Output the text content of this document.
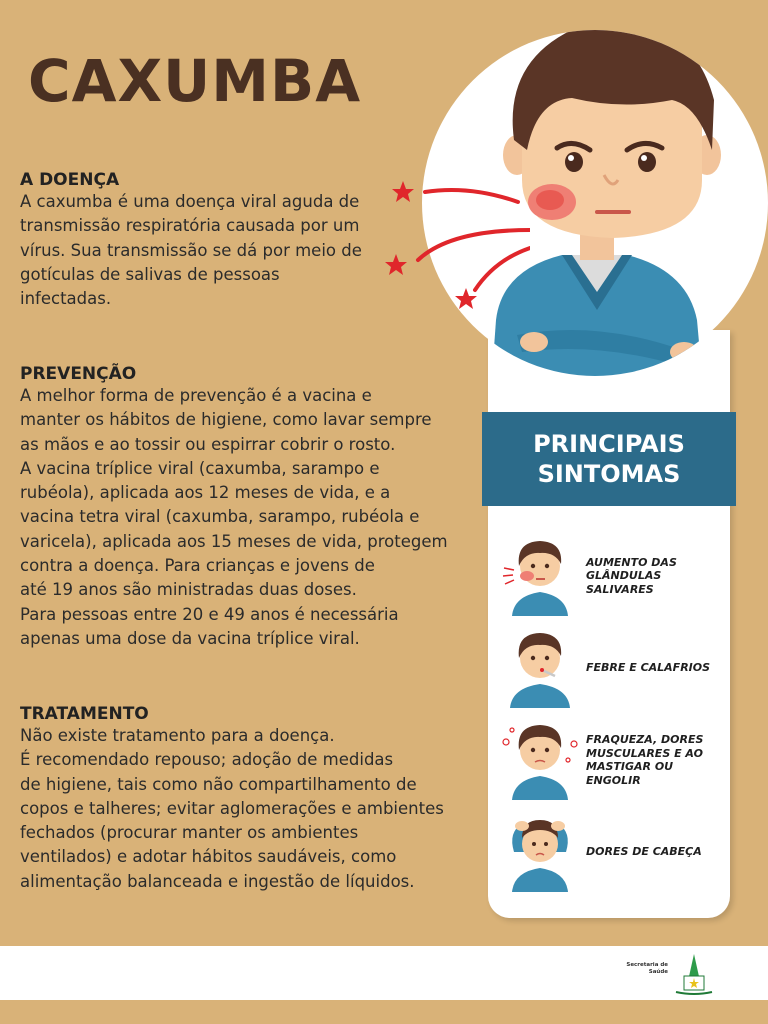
CAXUMBA
A DOENÇA

A caxumba é uma doença viral aguda de
transmissão respiratória causada por um
vírus. Sua transmissão se dá por meio de
gotículas de salivas de pessoas
infectadas.

PREVENÇÃO

A melhor forma de prevenção é a vacina e
manter os hábitos de higiene, como lavar sempre
as mãos e ao tossir ou espirrar cobrir o rosto.
A vacina tríplice viral (caxumba, sarampo e
rubéola), aplicada aos 12 meses de vida, e a
vacina tetra viral (caxumba, sarampo, rubéola e
varicela), aplicada aos 15 meses de vida, protegem
contra a doença. Para crianças e jovens de
até 19 anos são ministradas duas doses.
Para pessoas entre 20 e 49 anos é necessária
apenas uma dose da vacina tríplice viral.

TRATAMENTO

Não existe tratamento para a doença.
É recomendado repouso; adoção de medidas
de higiene, tais como não compartilhamento de
copos e talheres; evitar aglomerações e ambientes
fechados (procurar manter os ambientes
ventilados) e adotar hábitos saudáveis, como
alimentação balanceada e ingestão de líquidos.

PRINCIPAIS
SINTOMAS
AUMENTO DAS GLÂNDULAS SALIVARES
FEBRE E CALAFRIOS
FRAQUEZA, DORES MUSCULARES E AO MASTIGAR OU ENGOLIR
DORES DE CABEÇA
Secretaria de
Saúde
